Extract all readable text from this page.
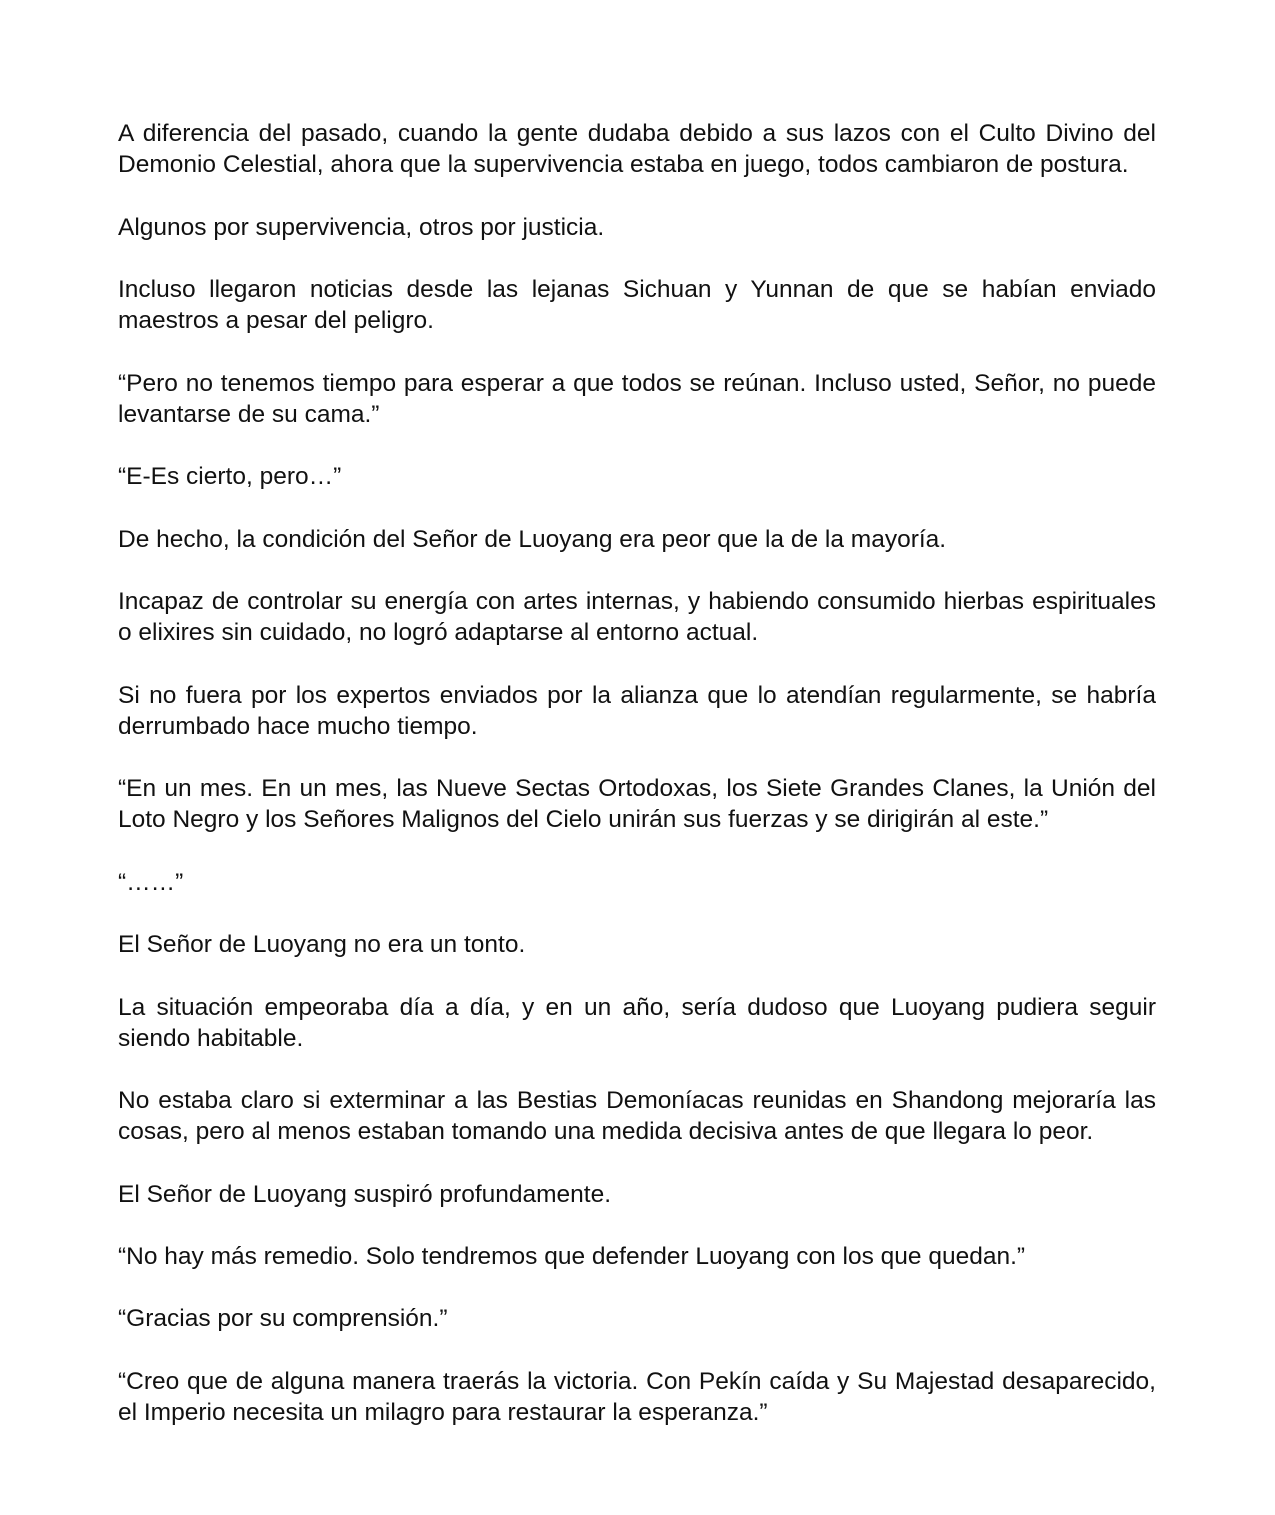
A diferencia del pasado, cuando la gente dudaba debido a sus lazos con el Culto Divino del Demonio Celestial, ahora que la supervivencia estaba en juego, todos cambiaron de postura.

Algunos por supervivencia, otros por justicia.

Incluso llegaron noticias desde las lejanas Sichuan y Yunnan de que se habían enviado maestros a pesar del peligro.

“Pero no tenemos tiempo para esperar a que todos se reúnan. Incluso usted, Señor, no puede levantarse de su cama.”

“E-Es cierto, pero…”

De hecho, la condición del Señor de Luoyang era peor que la de la mayoría.

Incapaz de controlar su energía con artes internas, y habiendo consumido hierbas espirituales o elixires sin cuidado, no logró adaptarse al entorno actual.

Si no fuera por los expertos enviados por la alianza que lo atendían regularmente, se habría derrumbado hace mucho tiempo.

“En un mes. En un mes, las Nueve Sectas Ortodoxas, los Siete Grandes Clanes, la Unión del Loto Negro y los Señores Malignos del Cielo unirán sus fuerzas y se dirigirán al este.”

“……”

El Señor de Luoyang no era un tonto.

La situación empeoraba día a día, y en un año, sería dudoso que Luoyang pudiera seguir siendo habitable.

No estaba claro si exterminar a las Bestias Demoníacas reunidas en Shandong mejoraría las cosas, pero al menos estaban tomando una medida decisiva antes de que llegara lo peor.

El Señor de Luoyang suspiró profundamente.

“No hay más remedio. Solo tendremos que defender Luoyang con los que quedan.”

“Gracias por su comprensión.”

“Creo que de alguna manera traerás la victoria. Con Pekín caída y Su Majestad desaparecido, el Imperio necesita un milagro para restaurar la esperanza.”
